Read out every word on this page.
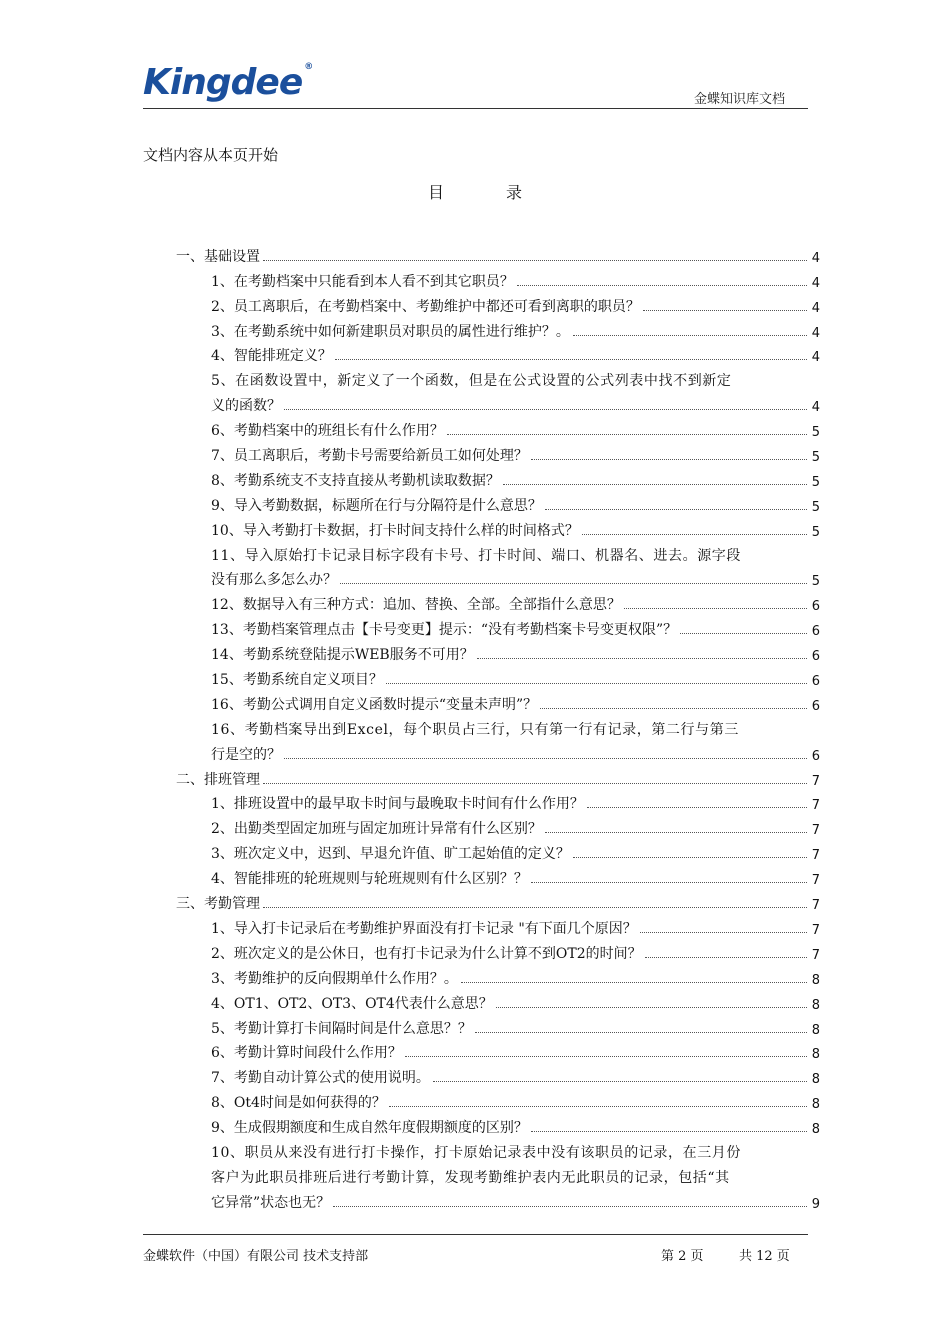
Kingdee ®
金蝶知识库文档
文档内容从本页开始
目录
一、基础设置	4
1、在考勤档案中只能看到本人看不到其它职员？	4
2、员工离职后，在考勤档案中、考勤维护中都还可看到离职的职员？	4
3、在考勤系统中如何新建职员对职员的属性进行维护？。	4
4、智能排班定义？	4
5、在函数设置中，新定义了一个函数，但是在公式设置的公式列表中找不到新定
义的函数？	4
6、考勤档案中的班组长有什么作用？	5
7、员工离职后，考勤卡号需要给新员工如何处理？	5
8、考勤系统支不支持直接从考勤机读取数据？	5
9、导入考勤数据，标题所在行与分隔符是什么意思？	5
10、导入考勤打卡数据，打卡时间支持什么样的时间格式？	5
11、导入原始打卡记录目标字段有卡号、打卡时间、端口、机器名、进去。源字段
没有那么多怎么办？	5
12、数据导入有三种方式：追加、替换、全部。全部指什么意思？	6
13、考勤档案管理点击【卡号变更】提示：“没有考勤档案卡号变更权限”？	6
14、考勤系统登陆提示WEB服务不可用？	6
15、考勤系统自定义项目？	6
16、考勤公式调用自定义函数时提示“变量未声明”？	6
16、考勤档案导出到Excel，每个职员占三行，只有第一行有记录，第二行与第三
行是空的？	6
二、排班管理	7
1、排班设置中的最早取卡时间与最晚取卡时间有什么作用？	7
2、出勤类型固定加班与固定加班计异常有什么区别？	7
3、班次定义中，迟到、早退允许值、旷工起始值的定义？	7
4、智能排班的轮班规则与轮班规则有什么区别？？	7
三、考勤管理	7
1、导入打卡记录后在考勤维护界面没有打卡记录 "有下面几个原因？	7
2、班次定义的是公休日，也有打卡记录为什么计算不到OT2的时间？	7
3、考勤维护的反向假期单什么作用？。	8
4、OT1、OT2、OT3、OT4代表什么意思？	8
5、考勤计算打卡间隔时间是什么意思？？	8
6、考勤计算时间段什么作用？	8
7、考勤自动计算公式的使用说明。	8
8、Ot4时间是如何获得的？	8
9、生成假期额度和生成自然年度假期额度的区别？	8
10、职员从来没有进行打卡操作，打卡原始记录表中没有该职员的记录，在三月份
客户为此职员排班后进行考勤计算，发现考勤维护表内无此职员的记录，包括“其
它异常”状态也无？	9
金蝶软件（中国）有限公司 技术支持部	第 2 页	共 12 页
